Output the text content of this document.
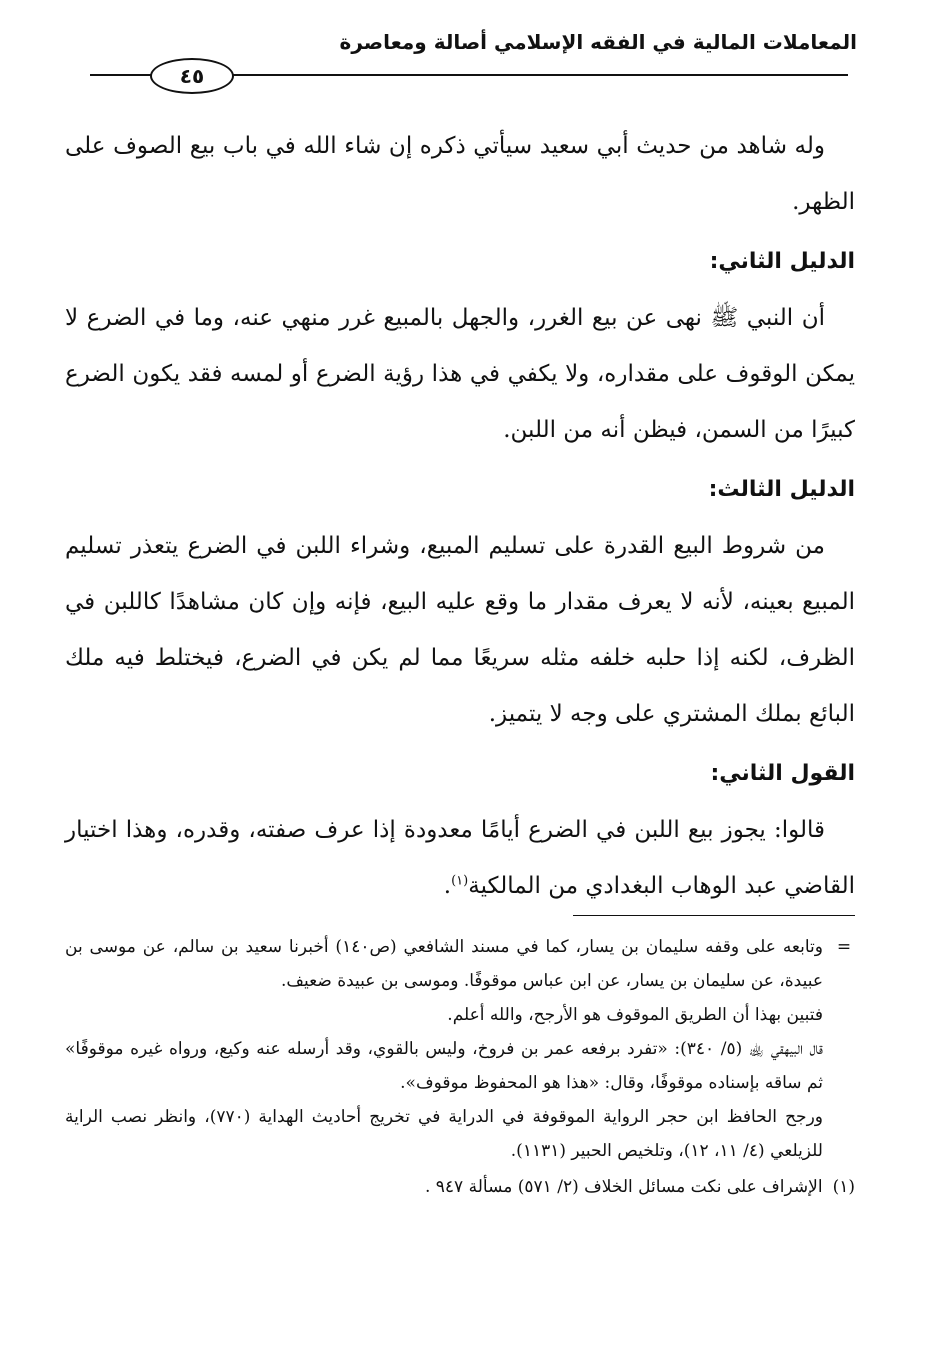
المعاملات المالية في الفقه الإسلامي أصالة ومعاصرة
٤٥

وله شاهد من حديث أبي سعيد سيأتي ذكره إن شاء الله في باب بيع الصوف على الظهر.

الدليل الثاني:

أن النبي ﷺ نهى عن بيع الغرر، والجهل بالمبيع غرر منهي عنه، وما في الضرع لا يمكن الوقوف على مقداره، ولا يكفي في هذا رؤية الضرع أو لمسه فقد يكون الضرع كبيرًا من السمن، فيظن أنه من اللبن.

الدليل الثالث:

من شروط البيع القدرة على تسليم المبيع، وشراء اللبن في الضرع يتعذر تسليم المبيع بعينه، لأنه لا يعرف مقدار ما وقع عليه البيع، فإنه وإن كان مشاهدًا كاللبن في الظرف، لكنه إذا حلبه خلفه مثله سريعًا مما لم يكن في الضرع، فيختلط فيه ملك البائع بملك المشتري على وجه لا يتميز.

القول الثاني:

قالوا: يجوز بيع اللبن في الضرع أيامًا معدودة إذا عرف صفته، وقدره، وهذا اختيار القاضي عبد الوهاب البغدادي من المالكية$^{(١)}$.

=
وتابعه على وقفه سليمان بن يسار، كما في مسند الشافعي (ص١٤٠) أخبرنا سعيد بن سالم، عن موسى بن عبيدة، عن سليمان بن يسار، عن ابن عباس موقوفًا. وموسى بن عبيدة ضعيف.

فتبين بهذا أن الطريق الموقوف هو الأرجح، والله أعلم.

قال البيهقي ﵀ (٥/ ٣٤٠): «تفرد برفعه عمر بن فروخ، وليس بالقوي، وقد أرسله عنه وكيع، ورواه غيره موقوفًا» ثم ساقه بإسناده موقوفًا، وقال: «هذا هو المحفوظ موقوف».

ورجح الحافظ ابن حجر الرواية الموقوفة في الدراية في تخريج أحاديث الهداية (٧٧٠)، وانظر نصب الراية للزيلعي (٤/ ١١، ١٢)، وتلخيص الحبير (١١٣١).

(١)
الإشراف على نكت مسائل الخلاف (٢/ ٥٧١) مسألة ٩٤٧ .
